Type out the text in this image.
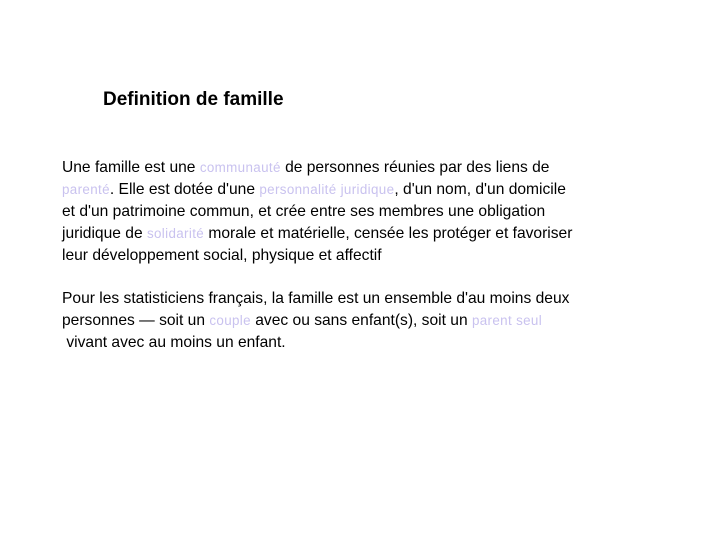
Definition de famille

Une famille est une communauté de personnes réunies par des liens de
parenté. Elle est dotée d'une personnalité juridique, d'un nom, d'un domicile
et d'un patrimoine commun, et crée entre ses membres une obligation
juridique de solidarité morale et matérielle, censée les protéger et favoriser
leur développement social, physique et affectif

Pour les statisticiens français, la famille est un ensemble d'au moins deux
personnes — soit un couple avec ou sans enfant(s), soit un parent seul
vivant avec au moins un enfant.
